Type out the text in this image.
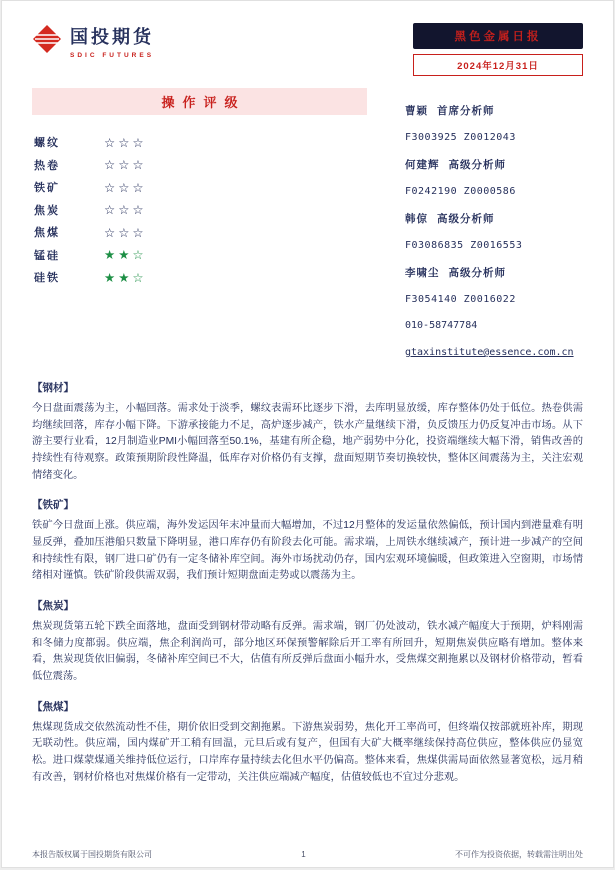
国投期货
SDIC FUTURES
黑色金属日报
2024年12月31日
操作评级
螺纹	☆☆☆
热卷	☆☆☆
铁矿	☆☆☆
焦炭	☆☆☆
焦煤	☆☆☆
锰硅	★★☆
硅铁	★★☆
曹颖 首席分析师
F3003925 Z0012043
何建辉 高级分析师
F0242190 Z0000586
韩倞 高级分析师
F03086835 Z0016553
李啸尘 高级分析师
F3054140 Z0016022
010-58747784
gtaxinstitute@essence.com.cn
【钢材】

今日盘面震荡为主，小幅回落。需求处于淡季，螺纹表需环比逐步下滑，去库明显放缓，库存整体仍处于低位。热卷供需均继续回落，库存小幅下降。下游承接能力不足，高炉逐步减产，铁水产量继续下滑，负反馈压力仍反复冲击市场。从下游主要行业看，12月制造业PMI小幅回落至50.1%，基建有所企稳，地产弱势中分化，投资端继续大幅下滑，销售改善的持续性有待观察。政策预期阶段性降温，低库存对价格仍有支撑，盘面短期节奏切换较快，整体区间震荡为主，关注宏观情绪变化。

【铁矿】

铁矿今日盘面上涨。供应端，海外发运因年末冲量而大幅增加，不过12月整体的发运量依然偏低，预计国内到港量难有明显反弹，叠加压港船只数量下降明显，港口库存仍有阶段去化可能。需求端，上周铁水继续减产，预计进一步减产的空间和持续性有限，钢厂进口矿仍有一定冬储补库空间。海外市场扰动仍存，国内宏观环境偏暖，但政策进入空窗期，市场情绪相对谨慎。铁矿阶段供需双弱，我们预计短期盘面走势或以震荡为主。

【焦炭】

焦炭现货第五轮下跌全面落地，盘面受到钢材带动略有反弹。需求端，钢厂仍处波动，铁水减产幅度大于预期，炉料刚需和冬储力度都弱。供应端，焦企利润尚可，部分地区环保预警解除后开工率有所回升，短期焦炭供应略有增加。整体来看，焦炭现货依旧偏弱，冬储补库空间已不大，估值有所反弹后盘面小幅升水，受焦煤交割拖累以及钢材价格带动，暂看低位震荡。

【焦煤】

焦煤现货成交依然流动性不佳，期价依旧受到交割拖累。下游焦炭弱势，焦化开工率尚可，但终端仅按部就班补库，期现无联动性。供应端，国内煤矿开工稍有回温，元旦后或有复产，但国有大矿大概率继续保持高位供应，整体供应仍显宽松。进口煤蒙煤通关维持低位运行，口岸库存量持续去化但水平仍偏高。整体来看，焦煤供需局面依然显著宽松，远月稍有改善，钢材价格也对焦煤价格有一定带动，关注供应端减产幅度，估值较低也不宜过分悲观。

本报告版权属于国投期货有限公司	1	不可作为投资依据，转载需注明出处
